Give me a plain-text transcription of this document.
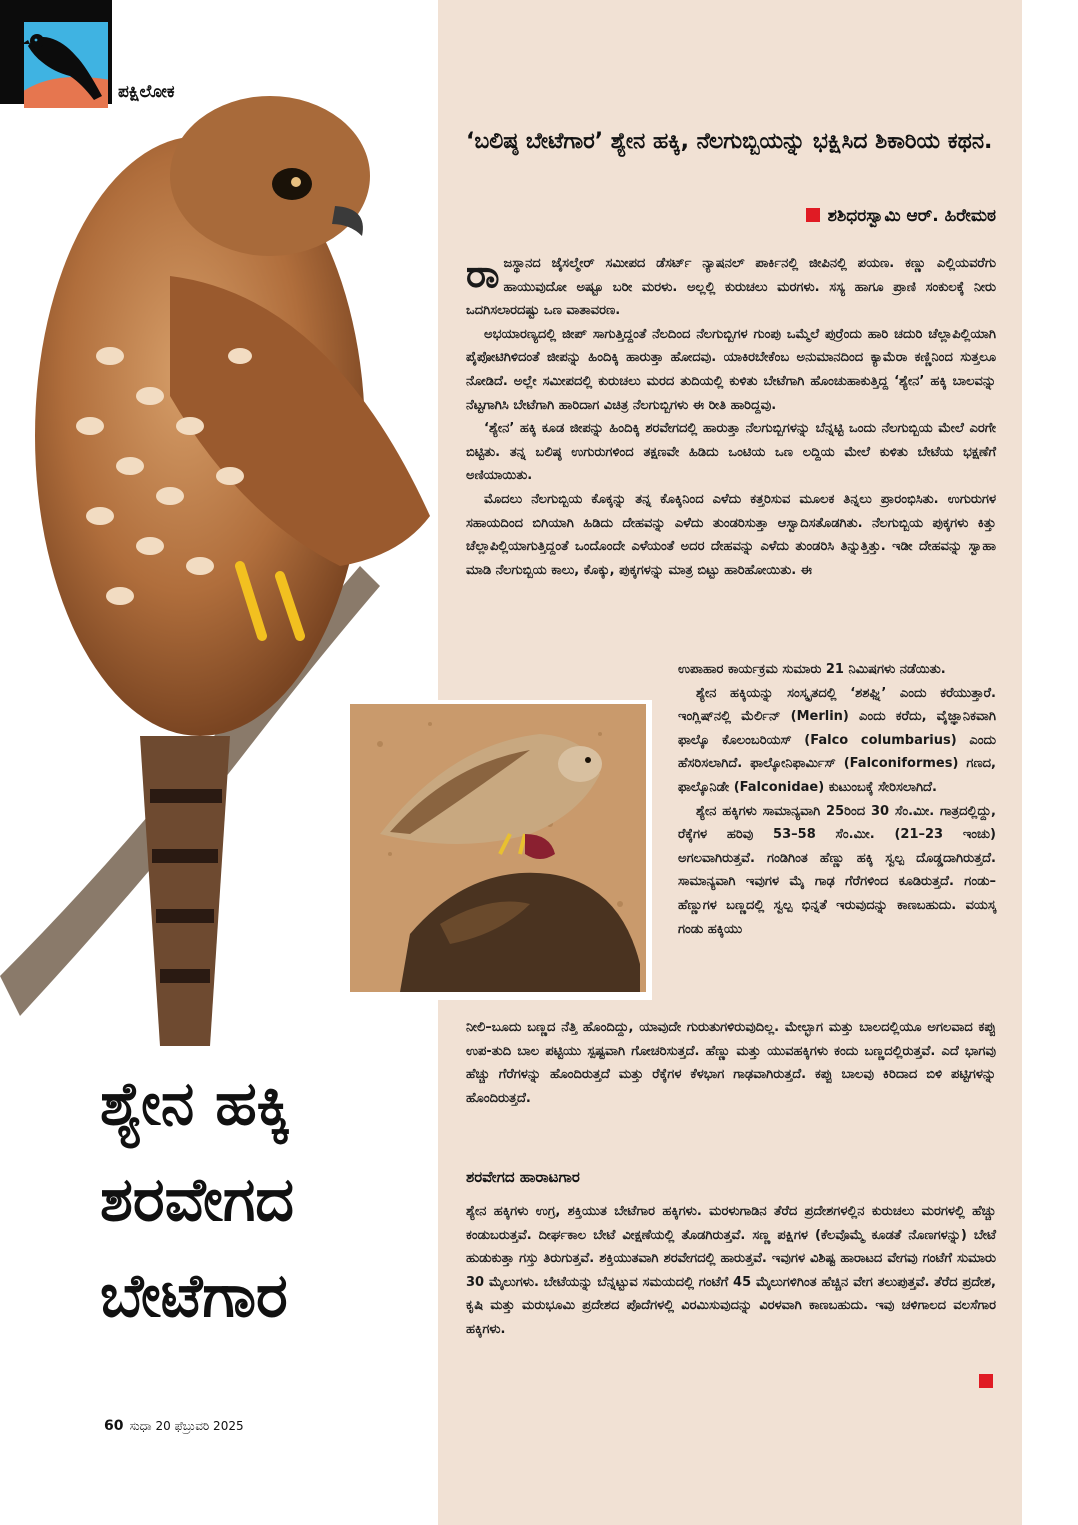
ಪಕ್ಷಿಲೋಕ
‘ಬಲಿಷ್ಠ ಬೇಟೆಗಾರ’ ಶ್ಯೇನ ಹಕ್ಕಿ, ನೆಲಗುಬ್ಬಿಯನ್ನು ಭಕ್ಷಿಸಿದ ಶಿಕಾರಿಯ ಕಥನ.
ಶಶಿಧರಸ್ವಾಮಿ ಆರ್. ಹಿರೇಮಠ

ರಾಜಸ್ಥಾನದ ಜೈಸಲ್ಮೇರ್ ಸಮೀಪದ ಡೆಸರ್ಟ್ ನ್ಯಾಷನಲ್ ಪಾರ್ಕಿನಲ್ಲಿ ಜೀಪಿನಲ್ಲಿ ಪಯಣ. ಕಣ್ಣು ಎಲ್ಲಿಯವರೆಗು ಹಾಯುವುದೋ ಅಷ್ಟೂ ಬರೀ ಮರಳು. ಅಲ್ಲಲ್ಲಿ ಕುರುಚಲು ಮರಗಳು. ಸಸ್ಯ ಹಾಗೂ ಪ್ರಾಣಿ ಸಂಕುಲಕ್ಕೆ ನೀರು ಒದಗಿಸಲಾರದಷ್ಟು ಒಣ ವಾತಾವರಣ.

ಅಭಯಾರಣ್ಯದಲ್ಲಿ ಜೀಪ್ ಸಾಗುತ್ತಿದ್ದಂತೆ ನೆಲದಿಂದ ನೆಲಗುಬ್ಬಿಗಳ ಗುಂಪು ಒಮ್ಮೆಲೆ ಪುರ್ರೆಂದು ಹಾರಿ ಚದುರಿ ಚೆಲ್ಲಾಪಿಲ್ಲಿಯಾಗಿ ಪೈಪೋಟಿಗಿಳಿದಂತೆ ಜೀಪನ್ನು ಹಿಂದಿಕ್ಕಿ ಹಾರುತ್ತಾ ಹೋದವು. ಯಾಕಿರಬೇಕೆಂಬ ಅನುಮಾನದಿಂದ ಕ್ಯಾಮೆರಾ ಕಣ್ಣಿನಿಂದ ಸುತ್ತಲೂ ನೋಡಿದೆ. ಅಲ್ಲೇ ಸಮೀಪದಲ್ಲಿ ಕುರುಚಲು ಮರದ ತುದಿಯಲ್ಲಿ ಕುಳಿತು ಬೇಟೆಗಾಗಿ ಹೊಂಚುಹಾಕುತ್ತಿದ್ದ ‘ಶ್ಯೇನ’ ಹಕ್ಕಿ ಬಾಲವನ್ನು ನೆಟ್ಟಗಾಗಿಸಿ ಬೇಟೆಗಾಗಿ ಹಾರಿದಾಗ ವಿಚಿತ್ರ ನೆಲಗುಬ್ಬಿಗಳು ಈ ರೀತಿ ಹಾರಿದ್ದವು.

‘ಶ್ಯೇನ’ ಹಕ್ಕಿ ಕೂಡ ಜೀಪನ್ನು ಹಿಂದಿಕ್ಕಿ ಶರವೇಗದಲ್ಲಿ ಹಾರುತ್ತಾ ನೆಲಗುಬ್ಬಿಗಳನ್ನು ಬೆನ್ನಟ್ಟಿ ಒಂದು ನೆಲಗುಬ್ಬಿಯ ಮೇಲೆ ಎರಗೇ ಬಿಟ್ಟಿತು. ತನ್ನ ಬಲಿಷ್ಠ ಉಗುರುಗಳಿಂದ ತಕ್ಷಣವೇ ಹಿಡಿದು ಒಂಟಿಯ ಒಣ ಲದ್ದಿಯ ಮೇಲೆ ಕುಳಿತು ಬೇಟೆಯ ಭಕ್ಷಣೆಗೆ ಅಣಿಯಾಯಿತು.

ಮೊದಲು ನೆಲಗುಬ್ಬಿಯ ಕೊಕ್ಕನ್ನು ತನ್ನ ಕೊಕ್ಕಿನಿಂದ ಎಳೆದು ಕತ್ತರಿಸುವ ಮೂಲಕ ತಿನ್ನಲು ಪ್ರಾರಂಭಿಸಿತು. ಉಗುರುಗಳ ಸಹಾಯದಿಂದ ಬಿಗಿಯಾಗಿ ಹಿಡಿದು ದೇಹವನ್ನು ಎಳೆದು ತುಂಡರಿಸುತ್ತಾ ಆಸ್ವಾದಿಸತೊಡಗಿತು. ನೆಲಗುಬ್ಬಿಯ ಪುಕ್ಕಗಳು ಕಿತ್ತು ಚೆಲ್ಲಾಪಿಲ್ಲಿಯಾಗುತ್ತಿದ್ದಂತೆ ಒಂದೊಂದೇ ಎಳೆಯಂತೆ ಅದರ ದೇಹವನ್ನು ಎಳೆದು ತುಂಡರಿಸಿ ತಿನ್ನುತ್ತಿತ್ತು. ಇಡೀ ದೇಹವನ್ನು ಸ್ವಾಹಾ ಮಾಡಿ ನೆಲಗುಬ್ಬಿಯ ಕಾಲು, ಕೊಕ್ಕು, ಪುಕ್ಕಗಳನ್ನು ಮಾತ್ರ ಬಿಟ್ಟು ಹಾರಿಹೋಯಿತು. ಈ

ಉಪಾಹಾರ ಕಾರ್ಯಕ್ರಮ ಸುಮಾರು 21 ನಿಮಿಷಗಳು ನಡೆಯಿತು.

ಶ್ಯೇನ ಹಕ್ಕಿಯನ್ನು ಸಂಸ್ಕೃತದಲ್ಲಿ ‘ಶಶಘ್ನಿ’ ಎಂದು ಕರೆಯುತ್ತಾರೆ. ಇಂಗ್ಲಿಷ್‌ನಲ್ಲಿ ಮೆರ್ಲಿನ್ (Merlin) ಎಂದು ಕರೆದು, ವೈಜ್ಞಾನಿಕವಾಗಿ ಫಾಲ್ಕೊ ಕೊಲಂಬರಿಯಸ್ (Falco columbarius) ಎಂದು ಹೆಸರಿಸಲಾಗಿದೆ. ಫಾಲ್ಕೋನಿಫಾರ್ಮಿಸ್ (Falconiformes) ಗಣದ, ಫಾಲ್ಕೊನಿಡೇ (Falconidae) ಕುಟುಂಬಕ್ಕೆ ಸೇರಿಸಲಾಗಿದೆ.

ಶ್ಯೇನ ಹಕ್ಕಿಗಳು ಸಾಮಾನ್ಯವಾಗಿ 25ರಿಂದ 30 ಸೆಂ.ಮೀ. ಗಾತ್ರದಲ್ಲಿದ್ದು, ರೆಕ್ಕೆಗಳ ಹರಿವು 53–58 ಸೆಂ.ಮೀ. (21–23 ಇಂಚು) ಅಗಲವಾಗಿರುತ್ತವೆ. ಗಂಡಿಗಿಂತ ಹೆಣ್ಣು ಹಕ್ಕಿ ಸ್ವಲ್ಪ ದೊಡ್ಡದಾಗಿರುತ್ತದೆ. ಸಾಮಾನ್ಯವಾಗಿ ಇವುಗಳ ಮೈ ಗಾಢ ಗೆರೆಗಳಿಂದ ಕೂಡಿರುತ್ತದೆ. ಗಂಡು–ಹೆಣ್ಣುಗಳ ಬಣ್ಣದಲ್ಲಿ ಸ್ವಲ್ಪ ಭಿನ್ನತೆ ಇರುವುದನ್ನು ಕಾಣಬಹುದು. ವಯಸ್ಕ ಗಂಡು ಹಕ್ಕಿಯು

ನೀಲಿ–ಬೂದು ಬಣ್ಣದ ನೆತ್ತಿ ಹೊಂದಿದ್ದು, ಯಾವುದೇ ಗುರುತುಗಳಿರುವುದಿಲ್ಲ. ಮೇಲ್ಭಾಗ ಮತ್ತು ಬಾಲದಲ್ಲಿಯೂ ಅಗಲವಾದ ಕಪ್ಪು ಉಪ-ತುದಿ ಬಾಲ ಪಟ್ಟಿಯು ಸ್ಪಷ್ಟವಾಗಿ ಗೋಚರಿಸುತ್ತದೆ. ಹೆಣ್ಣು ಮತ್ತು ಯುವಹಕ್ಕಿಗಳು ಕಂದು ಬಣ್ಣದಲ್ಲಿರುತ್ತವೆ. ಎದೆ ಭಾಗವು ಹೆಚ್ಚು ಗೆರೆಗಳನ್ನು ಹೊಂದಿರುತ್ತದೆ ಮತ್ತು ರೆಕ್ಕೆಗಳ ಕೆಳಭಾಗ ಗಾಢವಾಗಿರುತ್ತದೆ. ಕಪ್ಪು ಬಾಲವು ಕಿರಿದಾದ ಬಿಳಿ ಪಟ್ಟಿಗಳನ್ನು ಹೊಂದಿರುತ್ತದೆ.

ಶರವೇಗದ ಹಾರಾಟಗಾರ

ಶ್ಯೇನ ಹಕ್ಕಿಗಳು ಉಗ್ರ, ಶಕ್ತಿಯುತ ಬೇಟೆಗಾರ ಹಕ್ಕಿಗಳು. ಮರಳುಗಾಡಿನ ತೆರೆದ ಪ್ರದೇಶಗಳಲ್ಲಿನ ಕುರುಚಲು ಮರಗಳಲ್ಲಿ ಹೆಚ್ಚು ಕಂಡುಬರುತ್ತವೆ. ದೀರ್ಘಕಾಲ ಬೇಟೆ ವೀಕ್ಷಣೆಯಲ್ಲಿ ತೊಡಗಿರುತ್ತವೆ. ಸಣ್ಣ ಪಕ್ಷಿಗಳ (ಕೆಲವೊಮ್ಮೆ ಕೂಡತೆ ನೊಣಗಳನ್ನು) ಬೇಟೆ ಹುಡುಕುತ್ತಾ ಗಸ್ತು ತಿರುಗುತ್ತವೆ. ಶಕ್ತಿಯುತವಾಗಿ ಶರವೇಗದಲ್ಲಿ ಹಾರುತ್ತವೆ. ಇವುಗಳ ವಿಶಿಷ್ಟ ಹಾರಾಟದ ವೇಗವು ಗಂಟೆಗೆ ಸುಮಾರು 30 ಮೈಲುಗಳು. ಬೇಟೆಯನ್ನು ಬೆನ್ನಟ್ಟುವ ಸಮಯದಲ್ಲಿ ಗಂಟೆಗೆ 45 ಮೈಲುಗಳಿಗಿಂತ ಹೆಚ್ಚಿನ ವೇಗ ತಲುಪುತ್ತವೆ. ತೆರೆದ ಪ್ರದೇಶ, ಕೃಷಿ ಮತ್ತು ಮರುಭೂಮಿ ಪ್ರದೇಶದ ಪೊದೆಗಳಲ್ಲಿ ವಿರಮಿಸುವುದನ್ನು ವಿರಳವಾಗಿ ಕಾಣಬಹುದು. ಇವು ಚಳಿಗಾಲದ ವಲಸೆಗಾರ ಹಕ್ಕಿಗಳು.

ಶ್ಯೇನ ಹಕ್ಕಿ
ಶರವೇಗದ
ಬೇಟೆಗಾರ
60 ಸುಧಾ 20 ಫೆಬ್ರುವರಿ 2025
